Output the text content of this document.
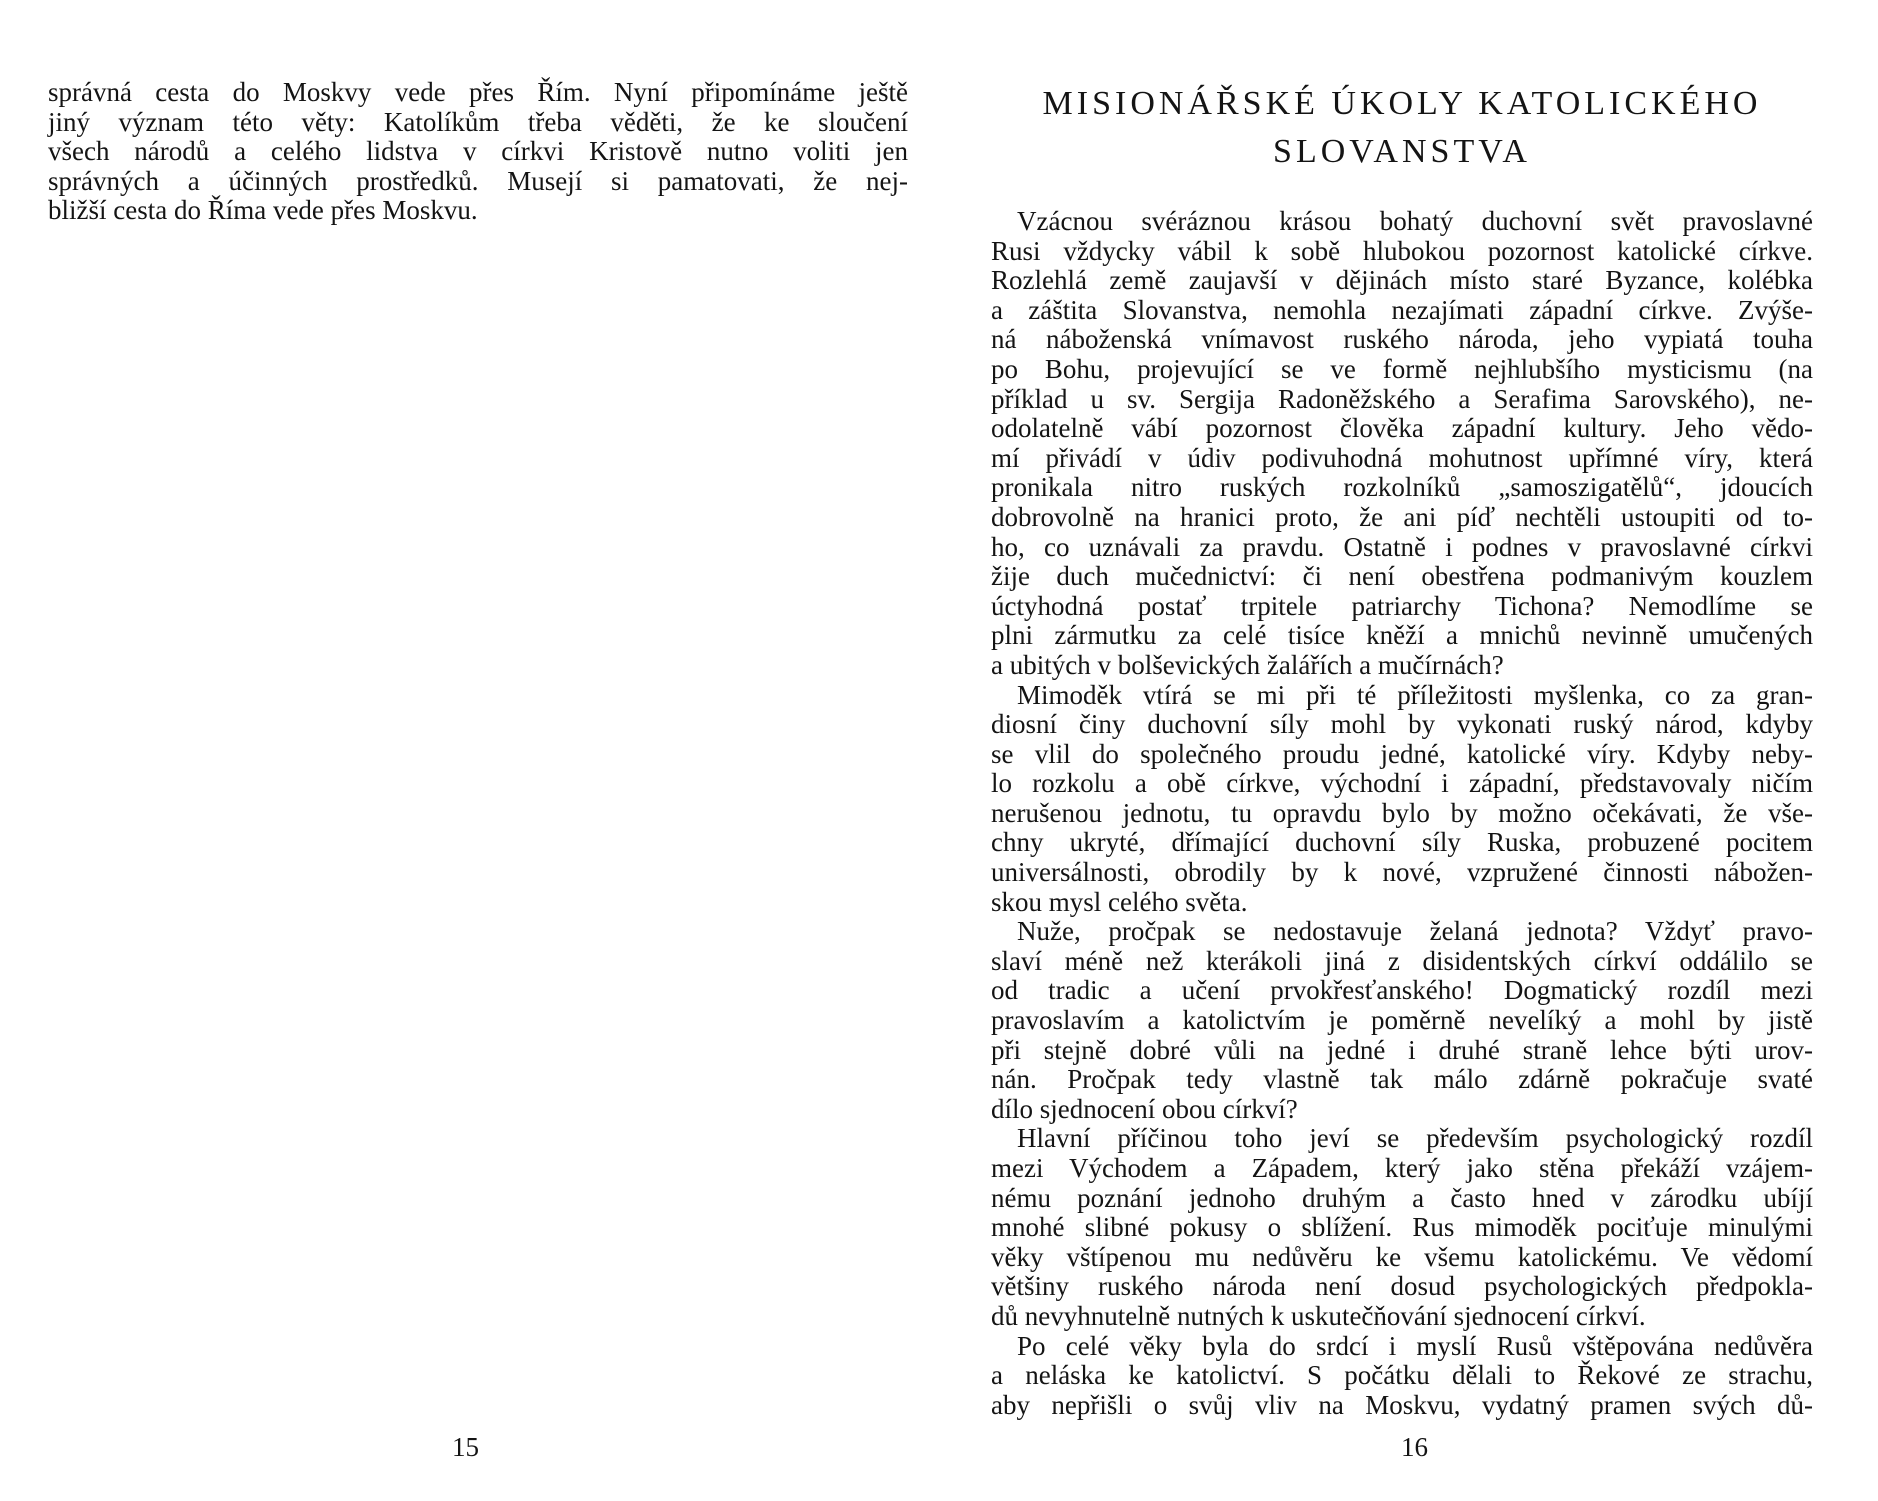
správná cesta do Moskvy vede přes Řím. Nyní připomínáme ještě
jiný význam této věty: Katolíkům třeba věděti, že ke sloučení
všech národů a celého lidstva v církvi Kristově nutno voliti jen
správných a účinných prostředků. Musejí si pamatovati, že nej-
bližší cesta do Říma vede přes Moskvu.

15
MISIONÁŘSKÉ ÚKOLY KATOLICKÉHO
SLOVANSTVA

Vzácnou svéráznou krásou bohatý duchovní svět pravoslavné
Rusi vždycky vábil k sobě hlubokou pozornost katolické církve.
Rozlehlá země zaujavší v dějinách místo staré Byzance, kolébka
a záštita Slovanstva, nemohla nezajímati západní církve. Zvýše-
ná náboženská vnímavost ruského národa, jeho vypiatá touha
po Bohu, projevující se ve formě nejhlubšího mysticismu (na
příklad u sv. Sergija Radoněžského a Serafima Sarovského), ne-
odolatelně vábí pozornost člověka západní kultury. Jeho vědo-
mí přivádí v údiv podivuhodná mohutnost upřímné víry, která
pronikala nitro ruských rozkolníků „samoszigatělů“, jdoucích
dobrovolně na hranici proto, že ani píď nechtěli ustoupiti od to-
ho, co uznávali za pravdu. Ostatně i podnes v pravoslavné církvi
žije duch mučednictví: či není obestřena podmanivým kouzlem
úctyhodná postať trpitele patriarchy Tichona? Nemodlíme se
plni zármutku za celé tisíce kněží a mnichů nevinně umučených
a ubitých v bolševických žalářích a mučírnách?

Mimoděk vtírá se mi při té příležitosti myšlenka, co za gran-
diosní činy duchovní síly mohl by vykonati ruský národ, kdyby
se vlil do společného proudu jedné, katolické víry. Kdyby neby-
lo rozkolu a obě církve, východní i západní, představovaly ničím
nerušenou jednotu, tu opravdu bylo by možno očekávati, že vše-
chny ukryté, dřímající duchovní síly Ruska, probuzené pocitem
universálnosti, obrodily by k nové, vzpružené činnosti nábožen-
skou mysl celého světa.

Nuže, pročpak se nedostavuje želaná jednota? Vždyť pravo-
slaví méně než kterákoli jiná z disidentských církví oddálilo se
od tradic a učení prvokřesťanského! Dogmatický rozdíl mezi
pravoslavím a katolictvím je poměrně nevelíký a mohl by jistě
při stejně dobré vůli na jedné i druhé straně lehce býti urov-
nán. Pročpak tedy vlastně tak málo zdárně pokračuje svaté
dílo sjednocení obou církví?

Hlavní příčinou toho jeví se především psychologický rozdíl
mezi Východem a Západem, který jako stěna překáží vzájem-
nému poznání jednoho druhým a často hned v zárodku ubíjí
mnohé slibné pokusy o sblížení. Rus mimoděk pociťuje minulými
věky vštípenou mu nedůvěru ke všemu katolickému. Ve vědomí
většiny ruského národa není dosud psychologických předpokla-
dů nevyhnutelně nutných k uskutečňování sjednocení církví.

Po celé věky byla do srdcí i myslí Rusů vštěpována nedůvěra
a neláska ke katolictví. S počátku dělali to Řekové ze strachu,
aby nepřišli o svůj vliv na Moskvu, vydatný pramen svých dů-

16
